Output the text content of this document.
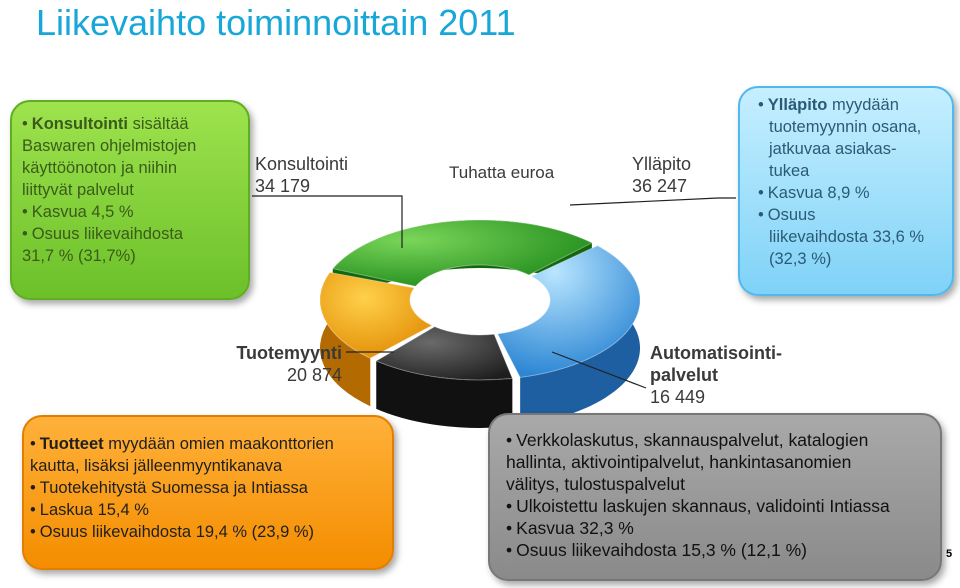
Liikevaihto toiminnoittain 2011
Konsultointi
34 179
Tuhatta euroa	Ylläpito
36 247
Tuotemyynti
20 874
Automatisointi-
palvelut
16 449
• Konsultointi sisältää
Baswaren ohjelmistojen
käyttöönoton ja niihin
liittyvät palvelut
• Kasvua 4,5 %
• Osuus liikevaihdosta
31,7 % (31,7%)
• Ylläpito myydään
tuotemyynnin osana,
jatkuvaa asiakas-
tukea
• Kasvua 8,9 %
• Osuus
liikevaihdosta 33,6 %
(32,3 %)
• Tuotteet myydään omien maakonttorien
kautta, lisäksi jälleenmyyntikanava
• Tuotekehitystä Suomessa ja Intiassa
• Laskua 15,4 %
• Osuus liikevaihdosta 19,4 % (23,9 %)
• Verkkolaskutus, skannauspalvelut, katalogien
hallinta, aktivointipalvelut, hankintasanomien
välitys, tulostuspalvelut
• Ulkoistettu laskujen skannaus, validointi Intiassa
• Kasvua 32,3 %
• Osuus liikevaihdosta 15,3 % (12,1 %)	5
